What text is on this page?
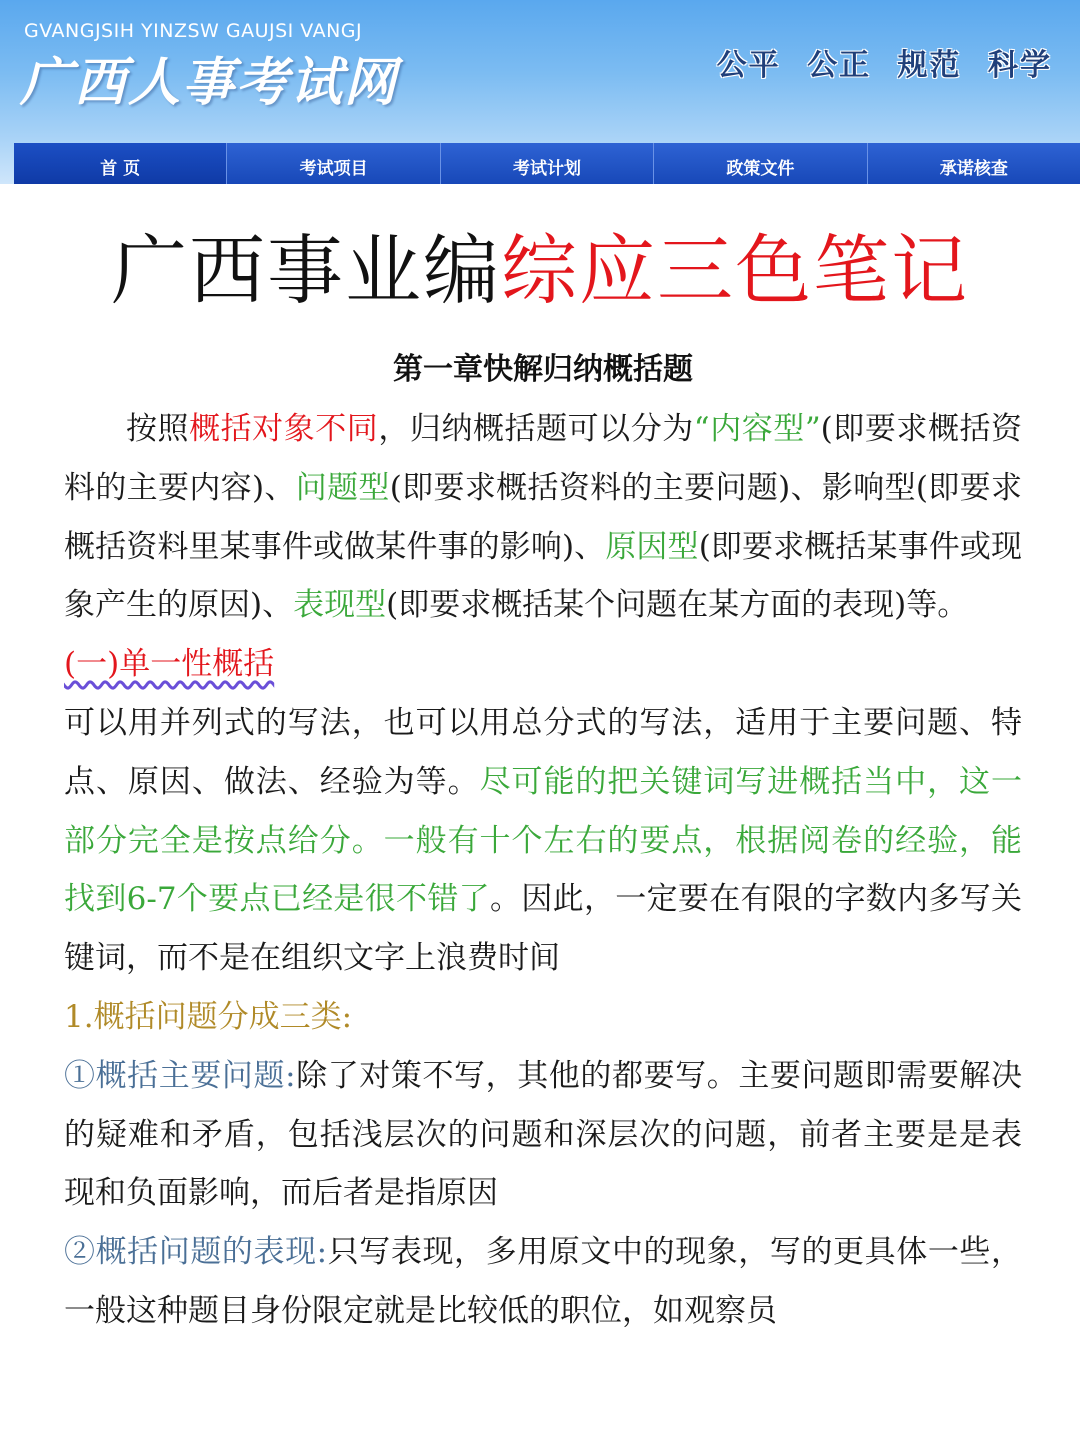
GVANGJSIH YINZSW GAUJSI VANGJ
广西人事考试网	公平 公正 规范 科学
首 页	考试项目	考试计划	政策文件	承诺核查
广西事业编综应三色笔记
第一章快解归纳概括题

按照概括对象不同，归纳概括题可以分为“内容型”(即要求概括资料的主要内容)、问题型(即要求概括资料的主要问题)、影响型(即要求概括资料里某事件或做某件事的影响)、原因型(即要求概括某事件或现象产生的原因)、表现型(即要求概括某个问题在某方面的表现)等。

(一)单一性概括

可以用并列式的写法，也可以用总分式的写法，适用于主要问题、特点、原因、做法、经验为等。尽可能的把关键词写进概括当中，这一部分完全是按点给分。一般有十个左右的要点，根据阅卷的经验，能找到6-7个要点已经是很不错了。因此，一定要在有限的字数内多写关键词，而不是在组织文字上浪费时间

1.概括问题分成三类:

①概括主要问题:除了对策不写，其他的都要写。主要问题即需要解决的疑难和矛盾，包括浅层次的问题和深层次的问题，前者主要是是表现和负面影响，而后者是指原因

②概括问题的表现:只写表现，多用原文中的现象，写的更具体一些，一般这种题目身份限定就是比较低的职位，如观察员
